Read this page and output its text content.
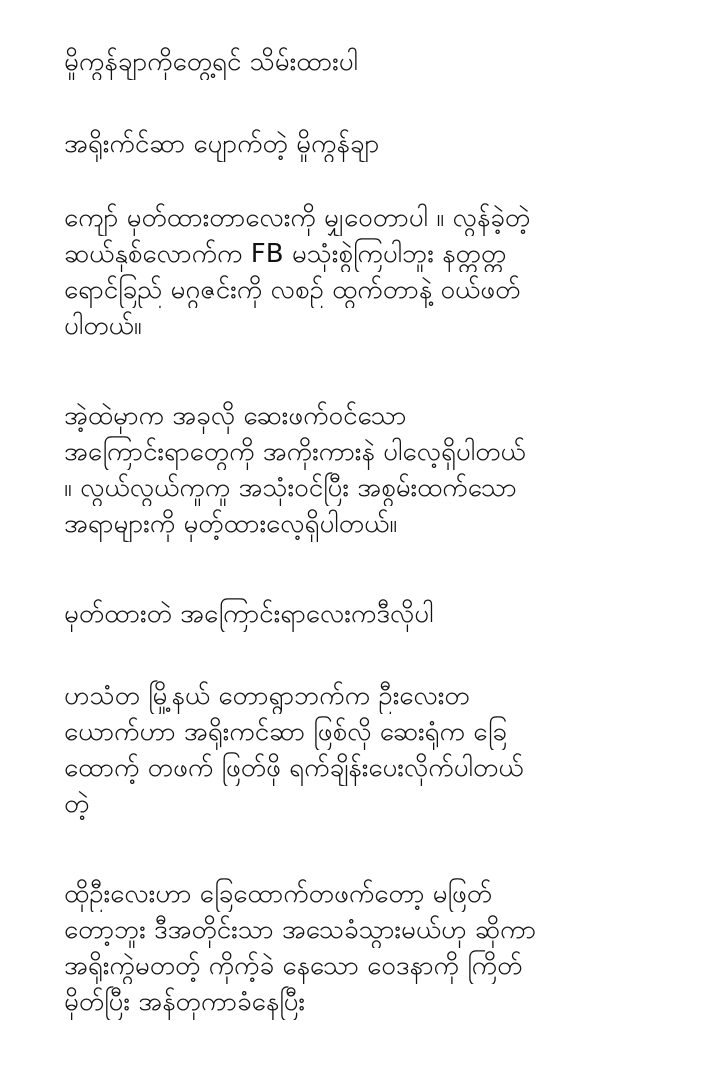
မှိုကွန်ချာကိုတွေ့ရင် သိမ်းထားပါ
အရိုးက်င်ဆာ ပျောက်တဲ့ မှိုကွန်ချာ
ကျော် မှတ်ထားတာလေးကို မျှဝေတာပါ ။ လွန်ခဲ့တဲ့
ဆယ်နှစ်လောက်က FB မသုံးစွဲကြပါဘူး နတ္တတ္တ
ရောင်ခြည် မဂ္ဂဇင်းကို လစဉ် ထွက်တာနဲ့ ဝယ်ဖတ်
ပါတယ်။
အဲ့ထဲမှာက အခုလို ဆေးဖက်ဝင်သော
အကြောင်းရာတွေကို အကိုးကားနဲ ပါလေ့ရှိပါတယ်
။ လွယ်လွယ်ကူကူ အသုံးဝင်ပြီး အစွမ်းထက်သော
အရာများကို မှတ့်ထားလေ့ရှိပါတယ်။
မှတ်ထားတဲ အကြောင်းရာလေးကဒီလိုပါ
ဟသံတ မြို့နယ် တောရွာဘက်က ဦးလေးတ
ယောက်ဟာ အရိုးကင်ဆာ ဖြစ်လို ဆေးရုံက ခြေ
ထောက့် တဖက် ဖြတ်ဖို ရက်ချိန်းပေးလိုက်ပါတယ်
တဲ့
ထိုဦးလေးဟာ ခြေထောက်တဖက်တော့ မဖြတ်
တော့ဘူး ဒီအတိုင်းသာ အသေခံသွားမယ်ဟု ဆိုကာ
အရိုးကွဲမတတ့် ကိုက့်ခဲ နေသော ဝေဒနာကို ကြိတ်
မှိတ်ပြီး အန်တုကာခံနေပြီး
